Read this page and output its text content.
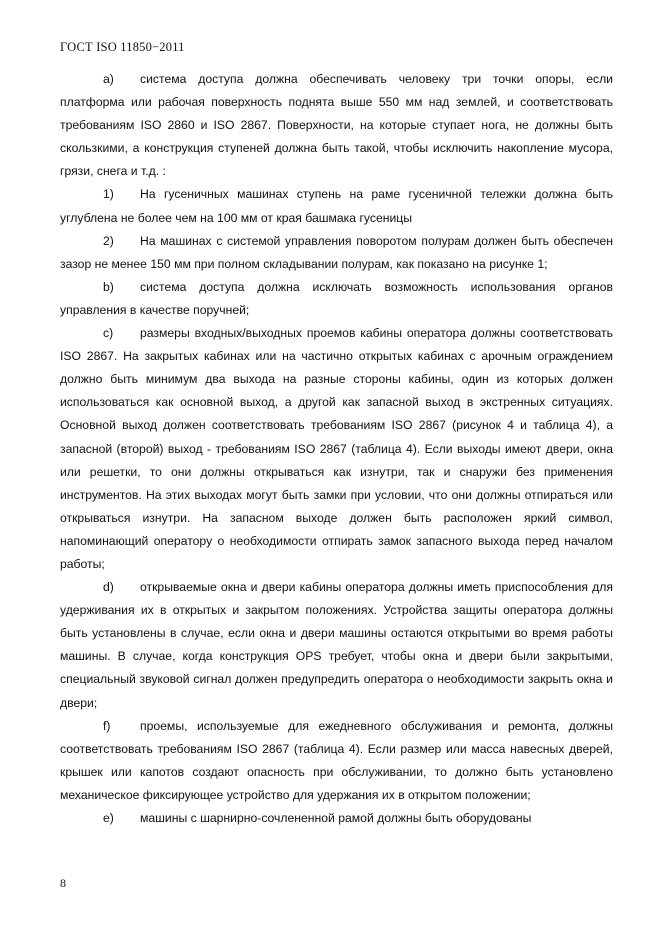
ГОСТ ISO 11850−2011

a) система доступа должна обеспечивать человеку три точки опоры, если платформа или рабочая поверхность поднята выше 550 мм над землей, и соответствовать требованиям ISO 2860 и ISO 2867. Поверхности, на которые ступает нога, не должны быть скользкими, а конструкция ступеней должна быть такой, чтобы исключить накопление мусора, грязи, снега и т.д. :

1) На гусеничных машинах ступень на раме гусеничной тележки должна быть углублена не более чем на 100 мм от края башмака гусеницы

2) На машинах с системой управления поворотом полурам должен быть обеспечен зазор не менее 150 мм при полном складывании полурам, как показано на рисунке 1;

b) система доступа должна исключать возможность использования органов управления в качестве поручней;

c) размеры входных/выходных проемов кабины оператора должны соответствовать ISO 2867. На закрытых кабинах или на частично открытых кабинах с арочным ограждением должно быть минимум два выхода на разные стороны кабины, один из которых должен использоваться как основной выход, а другой как запасной выход в экстренных ситуациях. Основной выход должен соответствовать требованиям ISO 2867 (рисунок 4 и таблица 4), а запасной (второй) выход - требованиям ISO 2867 (таблица 4). Если выходы имеют двери, окна или решетки, то они должны открываться как изнутри, так и снаружи без применения инструментов. На этих выходах могут быть замки при условии, что они должны отпираться или открываться изнутри. На запасном выходе должен быть расположен яркий символ, напоминающий оператору о необходимости отпирать замок запасного выхода перед началом работы;

d) открываемые окна и двери кабины оператора должны иметь приспособления для удерживания их в открытых и закрытом положениях. Устройства защиты оператора должны быть установлены в случае, если окна и двери машины остаются открытыми во время работы машины. В случае, когда конструкция OPS требует, чтобы окна и двери были закрытыми, специальный звуковой сигнал должен предупредить оператора о необходимости закрыть окна и двери;

f) проемы, используемые для ежедневного обслуживания и ремонта, должны соответствовать требованиям ISO 2867 (таблица 4). Если размер или масса навесных дверей, крышек или капотов создают опасность при обслуживании, то должно быть установлено механическое фиксирующее устройство для удержания их в открытом положении;

e) машины с шарнирно-сочлененной рамой должны быть оборудованы

8
